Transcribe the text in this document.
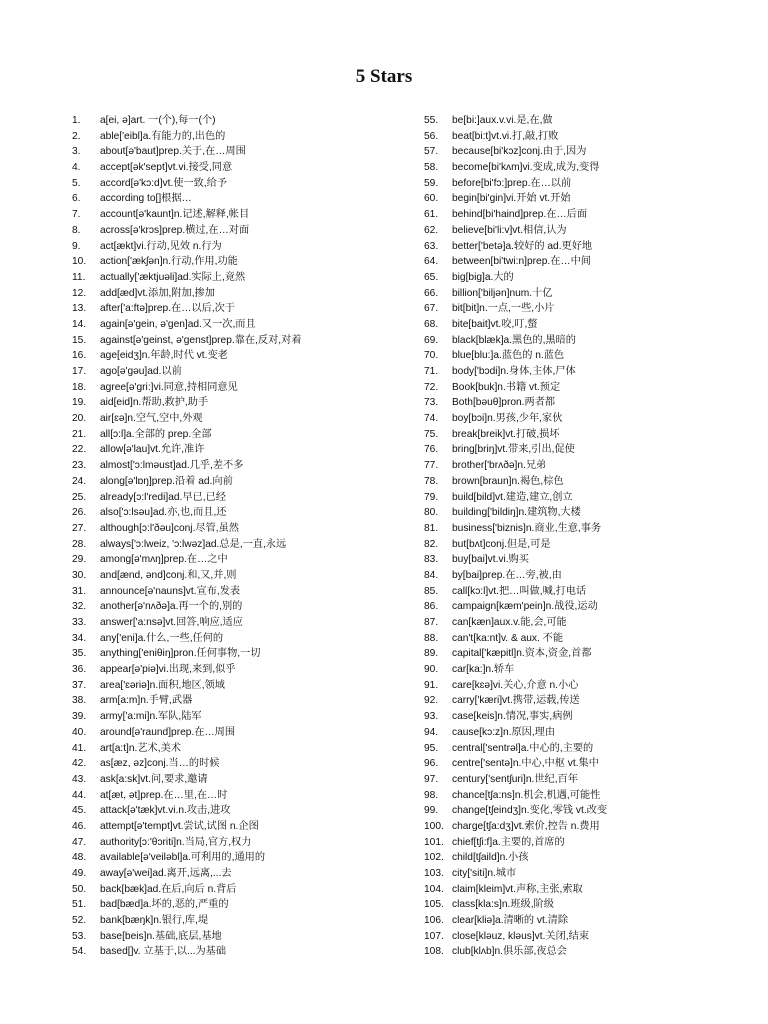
5 Stars
1. a[ei, ə]art. 一(个),每一(个)
2. able['eibl]a.有能力的,出色的
3. about[ə'baut]prep.关于,在…周围
4. accept[ək'sept]vt.vi.接受,同意
5. accord[ə'kɔ:d]vt.使一致,给予
6. according to[]根据…
7. account[ə'kaunt]n.记述,解释,帐目
8. across[ə'krɔs]prep.横过,在…对面
9. act[ækt]vi.行动,见效 n.行为
10. action['ækʃən]n.行动,作用,功能
11. actually['æktjuəli]ad.实际上,竟然
12. add[æd]vt.添加,附加,掺加
13. after['a:ftə]prep.在…以后,次于
14. again[ə'gein, ə'gen]ad.又一次,而且
15. against[ə'geinst, ə'genst]prep.靠在,反对,对着
16. age[eidʒ]n.年龄,时代 vt.变老
17. ago[ə'gəu]ad.以前
18. agree[ə'gri:]vi.同意,持相同意见
19. aid[eid]n.帮助,救护,助手
20. air[ɛə]n.空气,空中,外观
21. all[ɔ:l]a.全部的 prep.全部
22. allow[ə'lau]vt.允许,准许
23. almost['ɔ:lməust]ad.几乎,差不多
24. along[ə'lɒŋ]prep.沿着 ad.向前
25. already[ɔ:l'redi]ad.早已,已经
26. also['ɔ:lsəu]ad.亦,也,而且,还
27. although[ɔ:l'ðəu]conj.尽管,虽然
28. always['ɔ:lweiz, 'ɔ:lwəz]ad.总是,一直,永远
29. among[ə'mʌŋ]prep.在…之中
30. and[ænd, ənd]conj.和,又,并,则
31. announce[ə'nauns]vt.宣布,发表
32. another[ə'nʌðə]a.再一个的,别的
33. answer['a:nsə]vt.回答,响应,适应
34. any['eni]a.什么,一些,任何的
35. anything['eniθiŋ]pron.任何事物,一切
36. appear[ə'piə]vi.出现,来到,似乎
37. area['ɛəriə]n.面积,地区,领域
38. arm[a:m]n.手臂,武器
39. army['a:mi]n.军队,陆军
40. around[ə'raund]prep.在…周围
41. art[a:t]n.艺术,美术
42. as[æz, əz]conj.当…的时候
43. ask[a:sk]vt.问,要求,邀请
44. at[æt, ət]prep.在…里,在…时
45. attack[ə'tæk]vt.vi.n.攻击,进攻
46. attempt[ə'tempt]vt.尝试,试图 n.企图
47. authority[ɔ:'θɔriti]n.当局,官方,权力
48. available[ə'veiləbl]a.可利用的,通用的
49. away[ə'wei]ad.离开,远离,...去
50. back[bæk]ad.在后,向后 n.背后
51. bad[bæd]a.坏的,恶的,严重的
52. bank[bæŋk]n.银行,库,堤
53. base[beis]n.基础,底层,基地
54. based[]v. 立基于,以...为基础
55. be[bi:]aux.v.vi.是,在,做
56. beat[bi:t]vt.vi.打,敲,打败
57. because[bi'kɔz]conj.由于,因为
58. become[bi'kʌm]vi.变成,成为,变得
59. before[bi'fɔ:]prep.在…以前
60. begin[bi'gin]vi.开始 vt.开始
61. behind[bi'haind]prep.在…后面
62. believe[bi'li:v]vt.相信,认为
63. better['betə]a.较好的 ad.更好地
64. between[bi'twi:n]prep.在…中间
65. big[big]a.大的
66. billion['biljən]num.十亿
67. bit[bit]n.一点,一些,小片
68. bite[bait]vt.咬,叮,螫
69. black[blæk]a.黑色的,黑暗的
70. blue[blu:]a.蓝色的 n.蓝色
71. body['bɔdi]n.身体,主体,尸体
72. Book[buk]n.书籍 vt.预定
73. Both[bəuθ]pron.两者都
74. boy[bɔi]n.男孩,少年,家伙
75. break[breik]vt.打破,损坏
76. bring[briŋ]vt.带来,引出,促使
77. brother['brʌðə]n.兄弟
78. brown[braun]n.褐色,棕色
79. build[bild]vt.建造,建立,创立
80. building['bildiŋ]n.建筑物,大楼
81. business['biznis]n.商业,生意,事务
82. but[bʌt]conj.但是,可是
83. buy[bai]vt.vi.购买
84. by[bai]prep.在…旁,被,由
85. call[kɔ:l]vt.把…叫做,喊,打电话
86. campaign[kæm'pein]n.战役,运动
87. can[kæn]aux.v.能,会,可能
88. can't[ka:nt]v. & aux. 不能
89. capital['kæpitl]n.资本,资金,首都
90. car[ka:]n.轿车
91. care[kɛə]vi.关心,介意 n.小心
92. carry['kæri]vt.携带,运载,传送
93. case[keis]n.情况,事实,病例
94. cause[kɔ:z]n.原因,理由
95. central['sentrəl]a.中心的,主要的
96. centre['sentə]n.中心,中枢 vt.集中
97. century['sentʃuri]n.世纪,百年
98. chance[tʃa:ns]n.机会,机遇,可能性
99. change[tʃeindʒ]n.变化,零钱 vt.改变
100. charge[tʃa:dʒ]vt.索价,控告 n.费用
101. chief[tʃi:f]a.主要的,首席的
102. child[tʃaild]n.小孩
103. city['siti]n.城市
104. claim[kleim]vt.声称,主张,索取
105. class[kla:s]n.班级,阶级
106. clear[kliə]a.清晰的 vt.清除
107. close[kləuz, kləus]vt.关闭,结束
108. club[klʌb]n.俱乐部,夜总会
